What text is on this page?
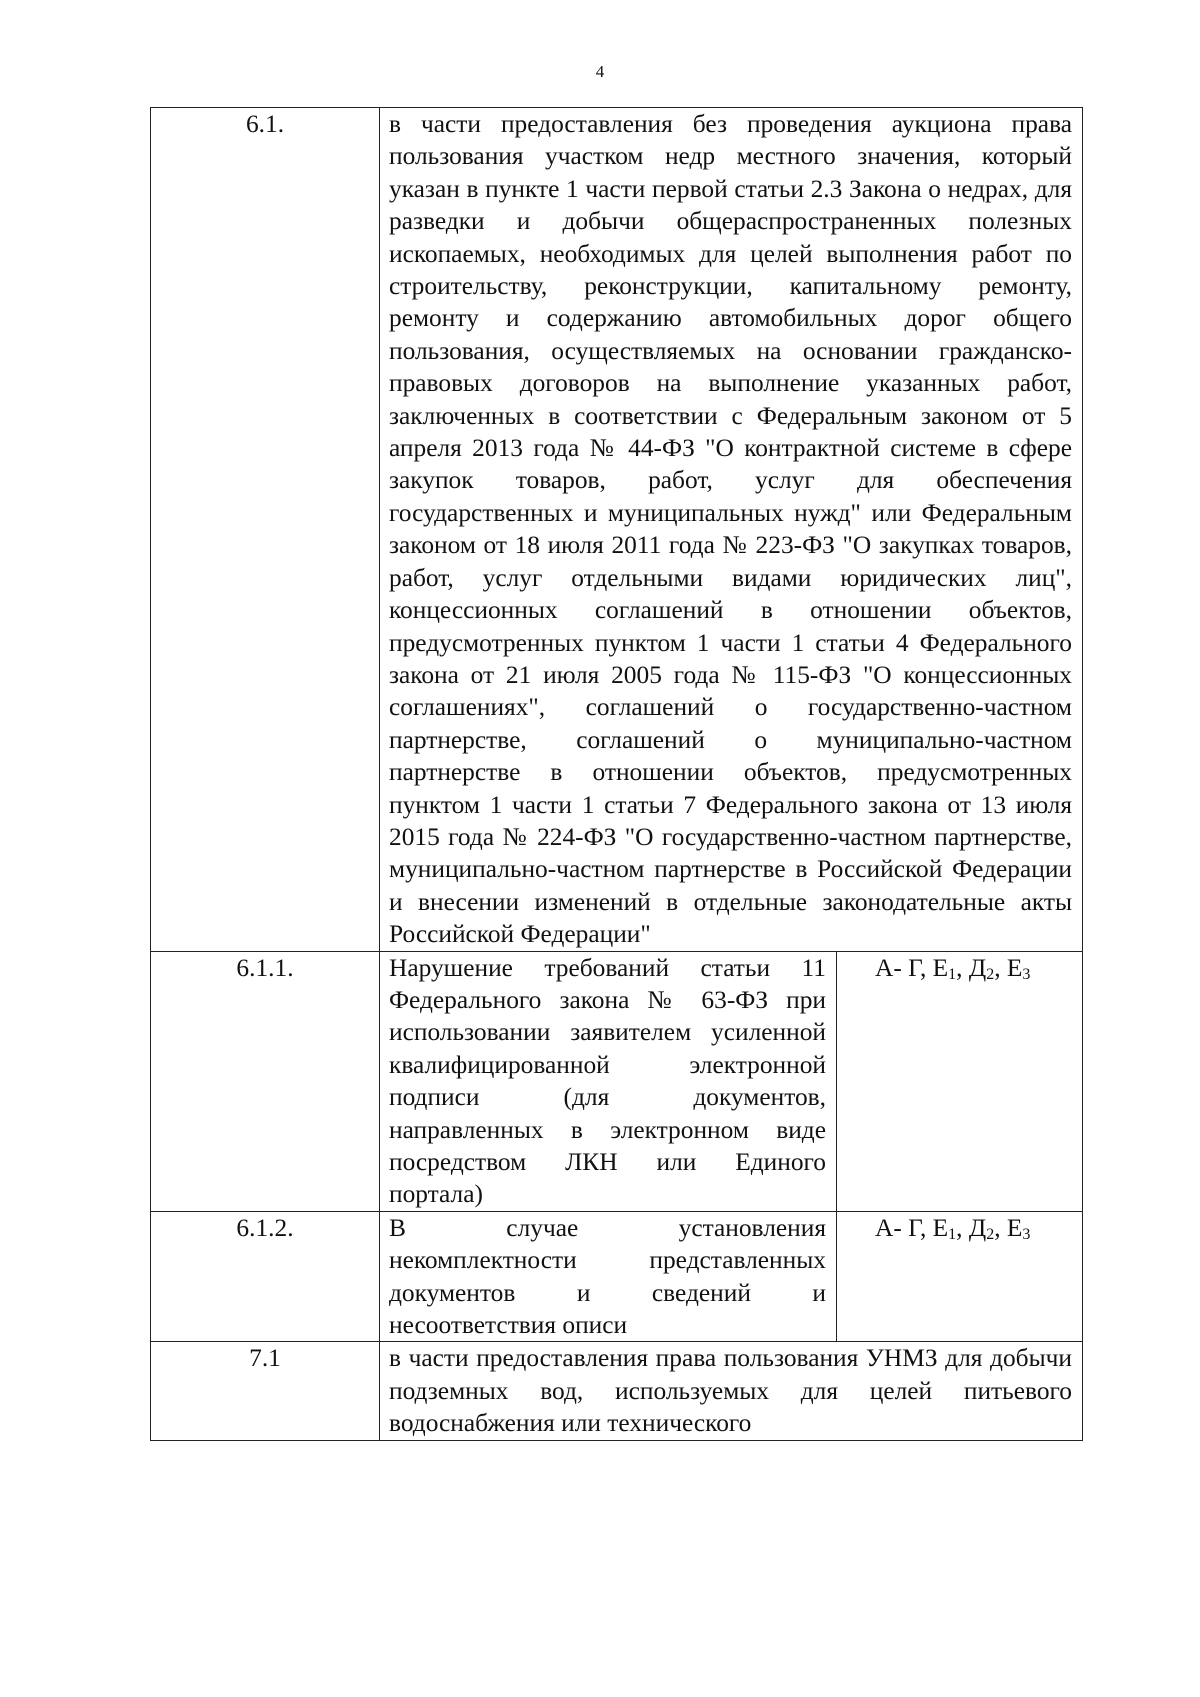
4
6.1.	в части предоставления без проведения аукциона права пользования участком недр местного значения, который указан в пункте 1 части первой статьи 2.3 Закона о недрах, для разведки и добычи общераспространенных полезных ископаемых, необходимых для целей выполнения работ по строительству, реконструкции, капитальному ремонту, ремонту и содержанию автомобильных дорог общего пользования, осуществляемых на основании гражданско-правовых договоров на выполнение указанных работ, заключенных в соответствии с Федеральным законом от 5 апреля 2013 года № 44-ФЗ "О контрактной системе в сфере закупок товаров, работ, услуг для обеспечения государственных и муниципальных нужд" или Федеральным законом от 18 июля 2011 года № 223-ФЗ "О закупках товаров, работ, услуг отдельными видами юридических лиц", концессионных соглашений в отношении объектов, предусмотренных пунктом 1 части 1 статьи 4 Федерального закона от 21 июля 2005 года № 115-ФЗ "О концессионных соглашениях", соглашений о государственно-частном партнерстве, соглашений о муниципально-частном партнерстве в отношении объектов, предусмотренных пунктом 1 части 1 статьи 7 Федерального закона от 13 июля 2015 года № 224-ФЗ "О государственно-частном партнерстве, муниципально-частном партнерстве в Российской Федерации и внесении изменений в отдельные законодательные акты Российской Федерации"	
6.1.1.	Нарушение требований статьи 11 Федерального закона № 63-ФЗ при использовании заявителем усиленной квалифицированной электронной подписи (для документов, направленных в электронном виде посредством ЛКН или Единого портала)	А- Г, $Е_1$, $Д_2$, $Е_3$
6.1.2.	В случае установления некомплектности представленных документов и сведений и несоответствия описи	А- Г, $Е_1$, $Д_2$, $Е_3$
7.1	в части предоставления права пользования УНМЗ для добычи подземных вод, используемых для целей питьевого водоснабжения или технического	
